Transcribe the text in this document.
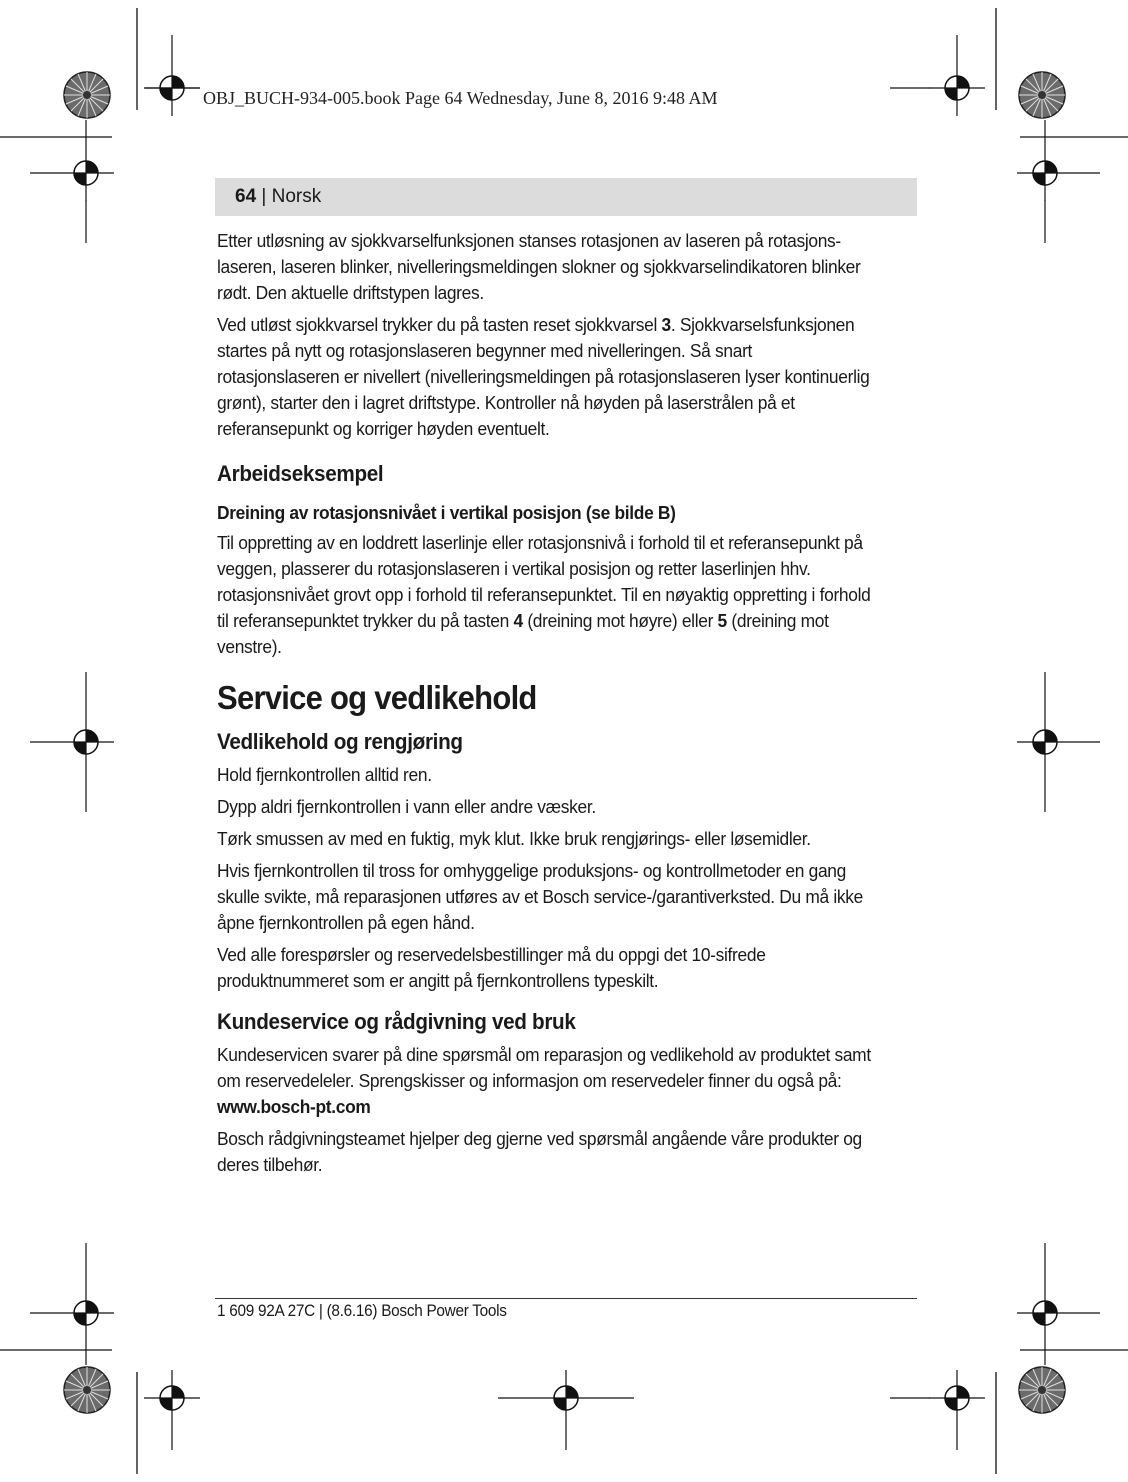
OBJ_BUCH-934-005.book Page 64 Wednesday, June 8, 2016 9:48 AM
64 | Norsk

Etter utløsning av sjokkvarselfunksjonen stanses rotasjonen av laseren på rotasjons-laseren, laseren blinker, nivelleringsmeldingen slokner og sjokkvarselindikatoren blinker rødt. Den aktuelle driftstypen lagres.

Ved utløst sjokkvarsel trykker du på tasten reset sjokkvarsel 3. Sjokkvarselsfunksjonen startes på nytt og rotasjonslaseren begynner med nivelleringen. Så snart rotasjonslaseren er nivellert (nivelleringsmeldingen på rotasjonslaseren lyser kontinuerlig grønt), starter den i lagret driftstype. Kontroller nå høyden på laserstrålen på et referansepunkt og korriger høyden eventuelt.

Arbeidseksempel
Dreining av rotasjonsnivået i vertikal posisjon (se bilde B)

Til oppretting av en loddrett laserlinje eller rotasjonsnivå i forhold til et referansepunkt på veggen, plasserer du rotasjonslaseren i vertikal posisjon og retter laserlinjen hhv. rotasjonsnivået grovt opp i forhold til referansepunktet. Til en nøyaktig oppretting i forhold til referansepunktet trykker du på tasten 4 (dreining mot høyre) eller 5 (dreining mot venstre).

Service og vedlikehold
Vedlikehold og rengjøring

Hold fjernkontrollen alltid ren.

Dypp aldri fjernkontrollen i vann eller andre væsker.

Tørk smussen av med en fuktig, myk klut. Ikke bruk rengjørings- eller løsemidler.

Hvis fjernkontrollen til tross for omhyggelige produksjons- og kontrollmetoder en gang skulle svikte, må reparasjonen utføres av et Bosch service-/garantiverksted. Du må ikke åpne fjernkontrollen på egen hånd.

Ved alle forespørsler og reservedelsbestillinger må du oppgi det 10-sifrede produktnummeret som er angitt på fjernkontrollens typeskilt.

Kundeservice og rådgivning ved bruk

Kundeservicen svarer på dine spørsmål om reparasjon og vedlikehold av produktet samt om reservedeleler. Sprengskisser og informasjon om reservedeler finner du også på:

www.bosch-pt.com

Bosch rådgivningsteamet hjelper deg gjerne ved spørsmål angående våre produkter og deres tilbehør.

1 609 92A 27C | (8.6.16) Bosch Power Tools
